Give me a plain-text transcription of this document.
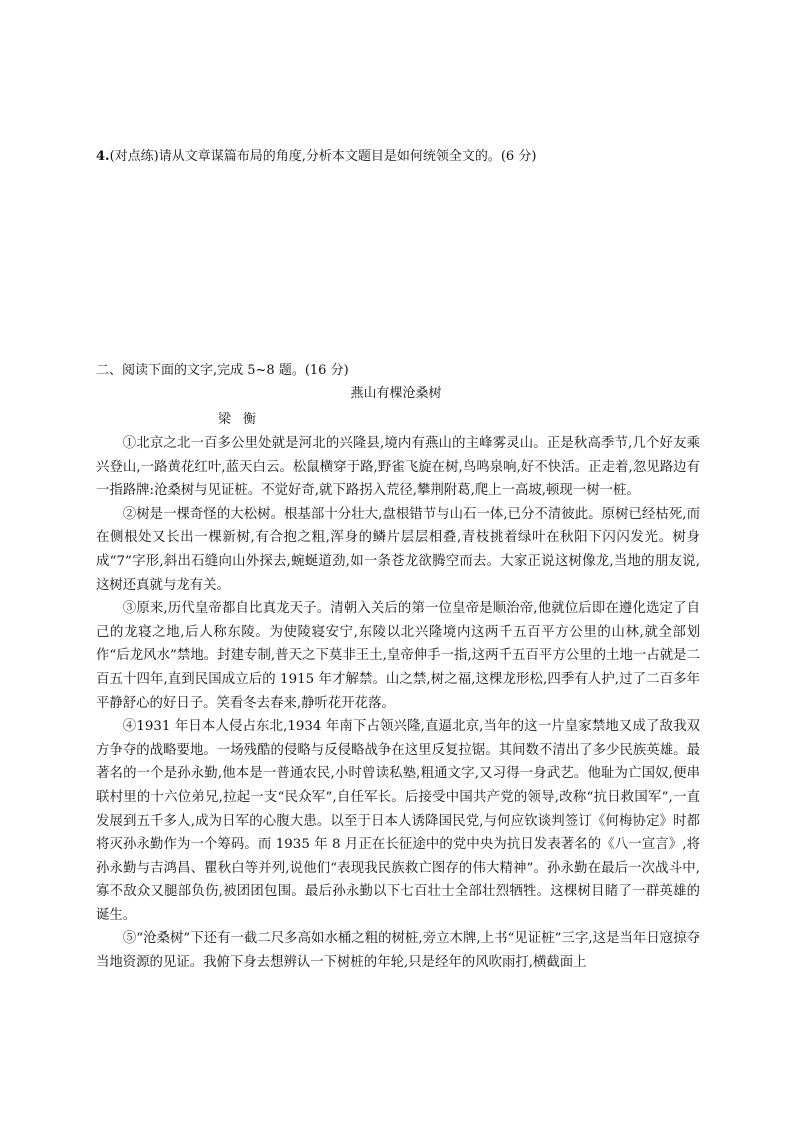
4.(对点练)请从文章谋篇布局的角度,分析本文题目是如何统领全文的。(6 分)
二、阅读下面的文字,完成 5~8 题。(16 分)
燕山有棵沧桑树
梁衡

①北京之北一百多公里处就是河北的兴隆县,境内有燕山的主峰雾灵山。正是秋高季节,几个好友乘兴登山,一路黄花红叶,蓝天白云。松鼠横穿于路,野雀飞旋在树,鸟鸣泉响,好不快活。正走着,忽见路边有一指路牌:沧桑树与见证桩。不觉好奇,就下路拐入荒径,攀荆附葛,爬上一高坡,顿现一树一桩。

②树是一棵奇怪的大松树。根基部十分壮大,盘根错节与山石一体,已分不清彼此。原树已经枯死,而在侧根处又长出一棵新树,有合抱之粗,浑身的鳞片层层相叠,青枝挑着绿叶在秋阳下闪闪发光。树身成“7”字形,斜出石缝向山外探去,蜿蜒道劲,如一条苍龙欲腾空而去。大家正说这树像龙,当地的朋友说,这树还真就与龙有关。

③原来,历代皇帝都自比真龙天子。清朝入关后的第一位皇帝是顺治帝,他就位后即在遵化选定了自己的龙寝之地,后人称东陵。为使陵寝安宁,东陵以北兴隆境内这两千五百平方公里的山林,就全部划作“后龙风水”禁地。封建专制,普天之下莫非王土,皇帝伸手一指,这两千五百平方公里的土地一占就是二百五十四年,直到民国成立后的 1915 年才解禁。山之禁,树之福,这棵龙形松,四季有人护,过了二百多年平静舒心的好日子。笑看冬去春来,静听花开花落。

④1931 年日本人侵占东北,1934 年南下占领兴隆,直逼北京,当年的这一片皇家禁地又成了敌我双方争夺的战略要地。一场残酷的侵略与反侵略战争在这里反复拉锯。其间数不清出了多少民族英雄。最著名的一个是孙永勤,他本是一普通农民,小时曾读私塾,粗通文字,又习得一身武艺。他耻为亡国奴,便串联村里的十六位弟兄,拉起一支“民众军”,自任军长。后接受中国共产党的领导,改称“抗日救国军”,一直发展到五千多人,成为日军的心腹大患。以至于日本人诱降国民党,与何应钦谈判签订《何梅协定》时都将灭孙永勤作为一个筹码。而 1935 年 8 月正在长征途中的党中央为抗日发表著名的《八一宣言》,将孙永勤与吉鸿昌、瞿秋白等并列,说他们“表现我民族救亡图存的伟大精神”。孙永勤在最后一次战斗中,寡不敌众又腿部负伤,被团团包围。最后孙永勤以下七百壮士全部壮烈牺牲。这棵树目睹了一群英雄的诞生。

⑤“沧桑树”下还有一截二尺多高如水桶之粗的树桩,旁立木牌,上书“见证桩”三字,这是当年日寇掠夺当地资源的见证。我俯下身去想辨认一下树桩的年轮,只是经年的风吹雨打,横截面上
